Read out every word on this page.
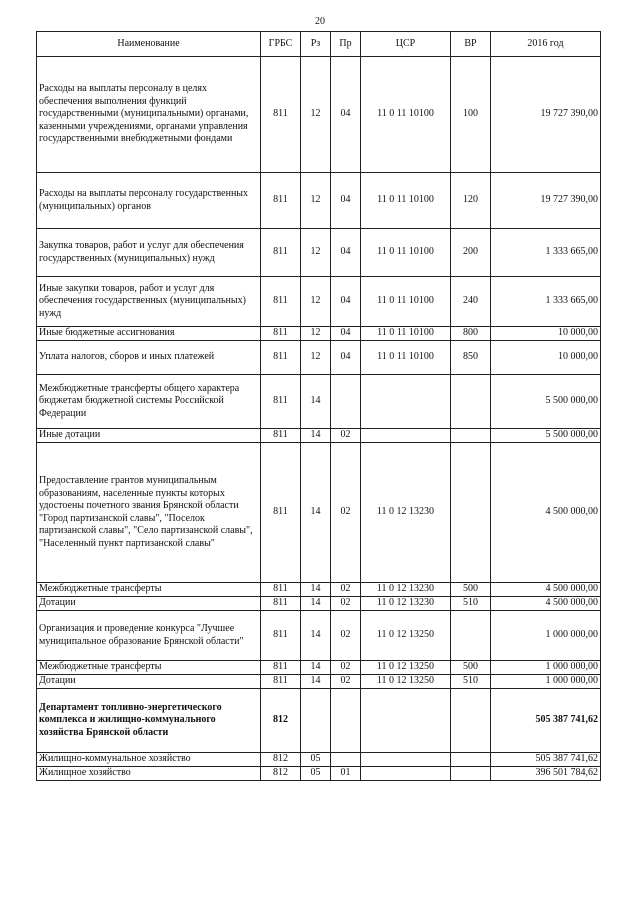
20
Наименование	ГРБС	Рз	Пр	ЦСР	ВР	2016 год
Расходы на выплаты персоналу в целях обеспечения выполнения функций государственными (муниципальными) органами, казенными учреждениями, органами управления государственными внебюджетными фондами	811	12	04	11 0 11 10100	100	19 727 390,00
Расходы на выплаты персоналу государственных (муниципальных) органов	811	12	04	11 0 11 10100	120	19 727 390,00
Закупка товаров, работ и услуг для обеспечения государственных (муниципальных) нужд	811	12	04	11 0 11 10100	200	1 333 665,00
Иные закупки товаров, работ и услуг для обеспечения государственных (муниципальных) нужд	811	12	04	11 0 11 10100	240	1 333 665,00
Иные бюджетные ассигнования	811	12	04	11 0 11 10100	800	10 000,00
Уплата налогов, сборов и иных платежей	811	12	04	11 0 11 10100	850	10 000,00
Межбюджетные трансферты общего характера бюджетам бюджетной системы Российской Федерации	811	14				5 500 000,00
Иные дотации	811	14	02			5 500 000,00
Предоставление грантов муниципальным образованиям, населенные пункты которых удостоены почетного звания Брянской области "Город партизанской славы", "Поселок партизанской славы", "Село партизанской славы", "Населенный пункт партизанской славы"	811	14	02	11 0 12 13230		4 500 000,00
Межбюджетные трансферты	811	14	02	11 0 12 13230	500	4 500 000,00
Дотации	811	14	02	11 0 12 13230	510	4 500 000,00
Организация и проведение конкурса "Лучшее муниципальное образование Брянской области"	811	14	02	11 0 12 13250		1 000 000,00
Межбюджетные трансферты	811	14	02	11 0 12 13250	500	1 000 000,00
Дотации	811	14	02	11 0 12 13250	510	1 000 000,00
Департамент топливно-энергетического комплекса и жилищно-коммунального хозяйства Брянской области	812					505 387 741,62
Жилищно-коммунальное хозяйство	812	05				505 387 741,62
Жилищное хозяйство	812	05	01			396 501 784,62
